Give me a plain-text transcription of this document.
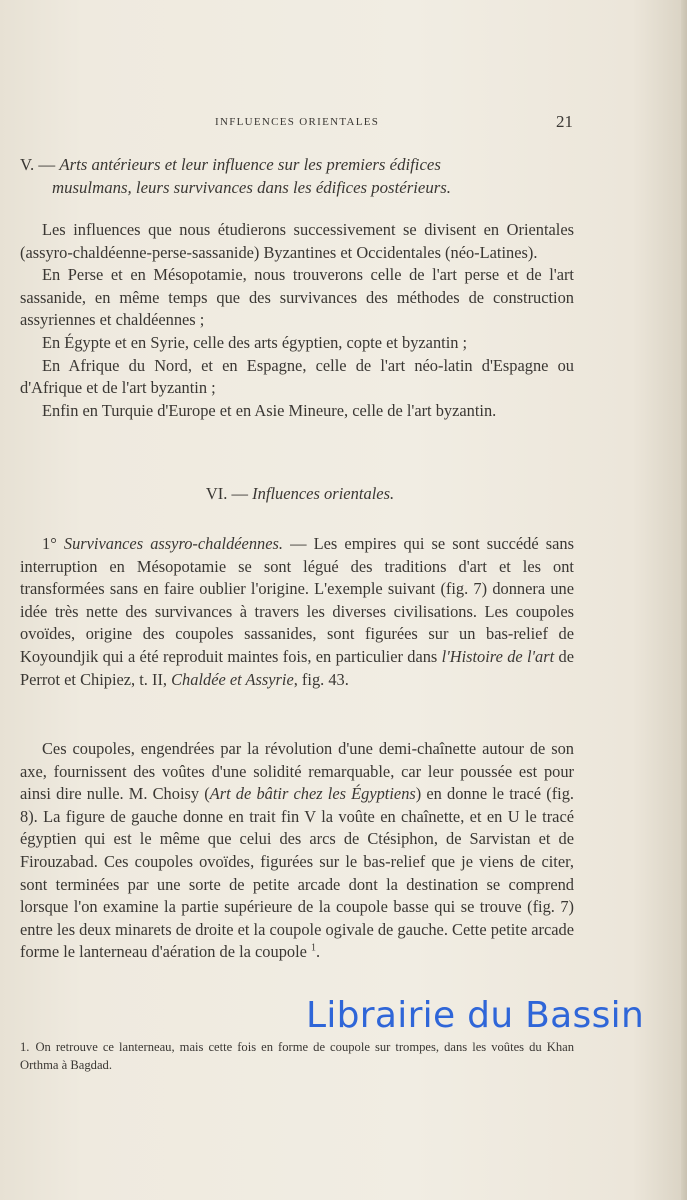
INFLUENCES ORIENTALES	21

V. — Arts antérieurs et leur influence sur les premiers édifices

musulmans, leurs survivances dans les édifices postérieurs.

Les influences que nous étudierons successivement se divisent en Orientales (assyro-chaldéenne-perse-sassanide) Byzantines et Occidentales (néo-Latines).

En Perse et en Mésopotamie, nous trouverons celle de l'art perse et de l'art sassanide, en même temps que des survivances des méthodes de construction assyriennes et chaldéennes ;

En Égypte et en Syrie, celle des arts égyptien, copte et byzantin ;

En Afrique du Nord, et en Espagne, celle de l'art néo-latin d'Espagne ou d'Afrique et de l'art byzantin ;

Enfin en Turquie d'Europe et en Asie Mineure, celle de l'art byzantin.

VI. — Influences orientales.

1° Survivances assyro-chaldéennes. — Les empires qui se sont succédé sans interruption en Mésopotamie se sont légué des traditions d'art et les ont transformées sans en faire oublier l'origine. L'exemple suivant (fig. 7) donnera une idée très nette des survivances à travers les diverses civilisations. Les coupoles ovoïdes, origine des coupoles sassanides, sont figurées sur un bas-relief de Koyoundjik qui a été reproduit maintes fois, en particulier dans l'Histoire de l'art de Perrot et Chipiez, t. II, Chaldée et Assyrie, fig. 43.

Ces coupoles, engendrées par la révolution d'une demi-chaînette autour de son axe, fournissent des voûtes d'une solidité remarquable, car leur poussée est pour ainsi dire nulle. M. Choisy (Art de bâtir chez les Égyptiens) en donne le tracé (fig. 8). La figure de gauche donne en trait fin V la voûte en chaînette, et en U le tracé égyptien qui est le même que celui des arcs de Ctésiphon, de Sarvistan et de Firouzabad. Ces coupoles ovoïdes, figurées sur le bas-relief que je viens de citer, sont terminées par une sorte de petite arcade dont la destination se comprend lorsque l'on examine la partie supérieure de la coupole basse qui se trouve (fig. 7) entre les deux minarets de droite et la coupole ogivale de gauche. Cette petite arcade forme le lanterneau d'aération de la coupole $^1$.

Librairie du Bassin

1. On retrouve ce lanterneau, mais cette fois en forme de coupole sur trompes, dans les voûtes du Khan Orthma à Bagdad.
